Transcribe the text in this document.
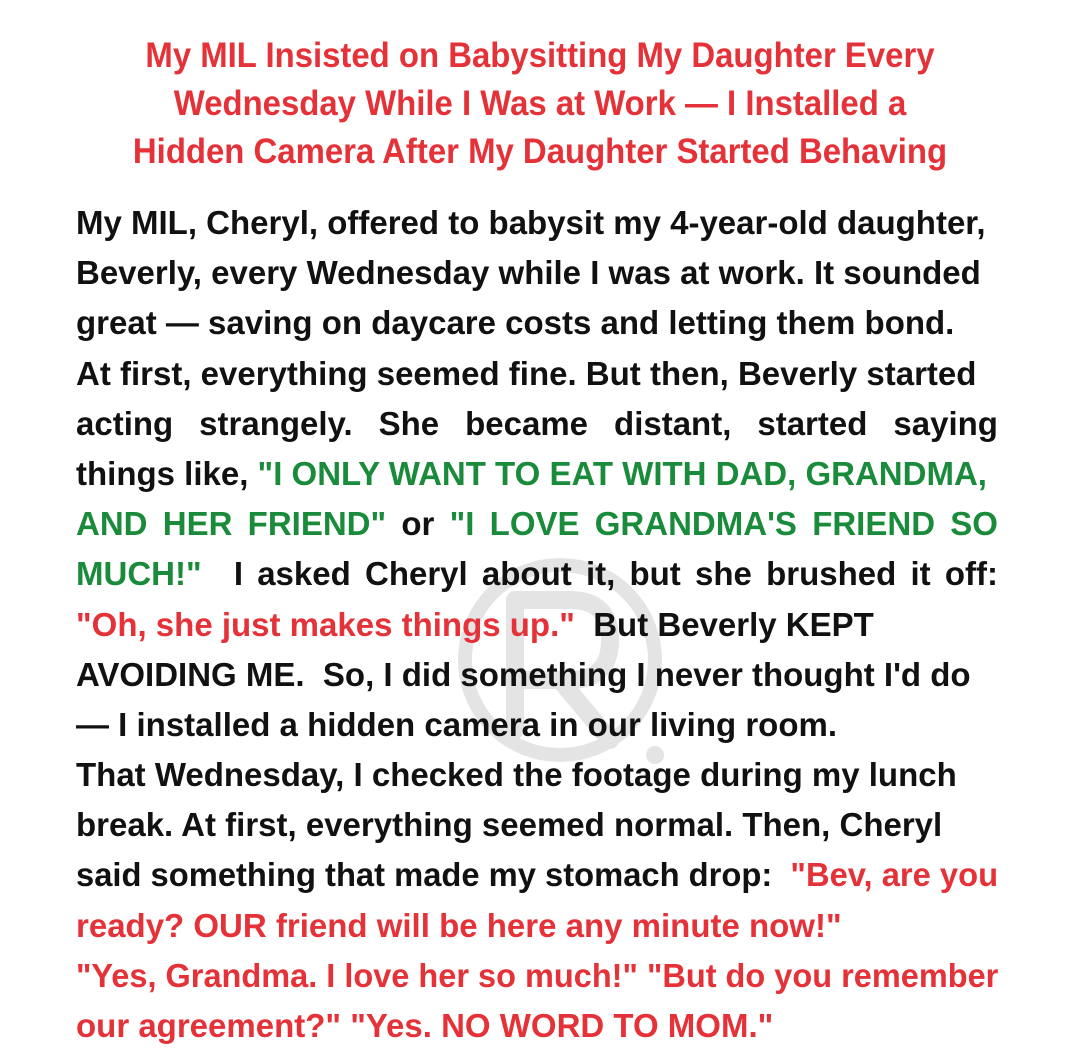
My MIL Insisted on Babysitting My Daughter Every
Wednesday While I Was at Work — I Installed a
Hidden Camera After My Daughter Started Behaving
My MIL, Cheryl, offered to babysit my 4-year-old daughter,
Beverly, every Wednesday while I was at work. It sounded
great — saving on daycare costs and letting them bond.
At first, everything seemed fine. But then, Beverly started
acting strangely. She became distant, started saying
things like, "I ONLY WANT TO EAT WITH DAD, GRANDMA,
AND HER FRIEND" or "I LOVE GRANDMA'S FRIEND SO
MUCH!" I asked Cheryl about it, but she brushed it off:
"Oh, she just makes things up."  But Beverly KEPT
AVOIDING ME.  So, I did something I never thought I'd do
— I installed a hidden camera in our living room.
That Wednesday, I checked the footage during my lunch
break. At first, everything seemed normal. Then, Cheryl
said something that made my stomach drop:  "Bev, are you
ready? OUR friend will be here any minute now!"
"Yes, Grandma. I love her so much!" "But do you remember
our agreement?" "Yes. NO WORD TO MOM."
